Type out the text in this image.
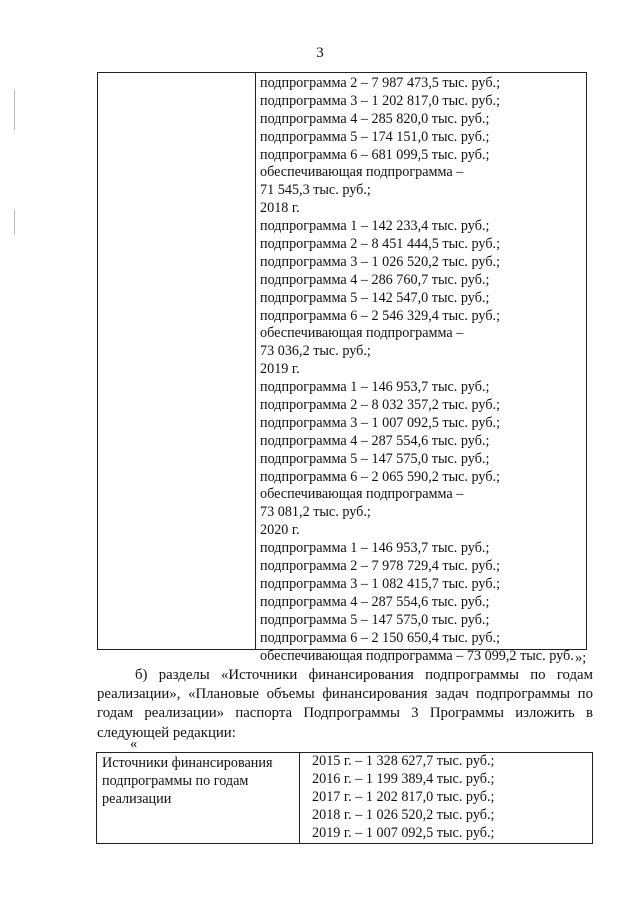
3
подпрограмма 2 – 7 987 473,5 тыс. руб.;
подпрограмма 3 – 1 202 817,0 тыс. руб.;
подпрограмма 4 – 285 820,0 тыс. руб.;
подпрограмма 5 – 174 151,0 тыс. руб.;
подпрограмма 6 – 681 099,5 тыс. руб.;
обеспечивающая подпрограмма –
71 545,3 тыс. руб.;
2018 г.
подпрограмма 1 – 142 233,4 тыс. руб.;
подпрограмма 2 – 8 451 444,5 тыс. руб.;
подпрограмма 3 – 1 026 520,2 тыс. руб.;
подпрограмма 4 – 286 760,7 тыс. руб.;
подпрограмма 5 – 142 547,0 тыс. руб.;
подпрограмма 6 – 2 546 329,4 тыс. руб.;
обеспечивающая подпрограмма –
73 036,2 тыс. руб.;
2019 г.
подпрограмма 1 – 146 953,7 тыс. руб.;
подпрограмма 2 – 8 032 357,2 тыс. руб.;
подпрограмма 3 – 1 007 092,5 тыс. руб.;
подпрограмма 4 – 287 554,6 тыс. руб.;
подпрограмма 5 – 147 575,0 тыс. руб.;
подпрограмма 6 – 2 065 590,2 тыс. руб.;
обеспечивающая подпрограмма –
73 081,2 тыс. руб.;
2020 г.
подпрограмма 1 – 146 953,7 тыс. руб.;
подпрограмма 2 – 7 978 729,4 тыс. руб.;
подпрограмма 3 – 1 082 415,7 тыс. руб.;
подпрограмма 4 – 287 554,6 тыс. руб.;
подпрограмма 5 – 147 575,0 тыс. руб.;
подпрограмма 6 – 2 150 650,4 тыс. руб.;
обеспечивающая подпрограмма – 73 099,2 тыс. руб. »;
б) разделы «Источники финансирования подпрограммы по годам
реализации», «Плановые объемы финансирования задач подпрограммы по
годам реализации» паспорта Подпрограммы 3 Программы изложить в
следующей редакции:
«
Источники финансирования
подпрограммы по годам
реализации
2015 г. – 1 328 627,7 тыс. руб.;
2016 г. – 1 199 389,4 тыс. руб.;
2017 г. – 1 202 817,0 тыс. руб.;
2018 г. – 1 026 520,2 тыс. руб.;
2019 г. – 1 007 092,5 тыс. руб.;
